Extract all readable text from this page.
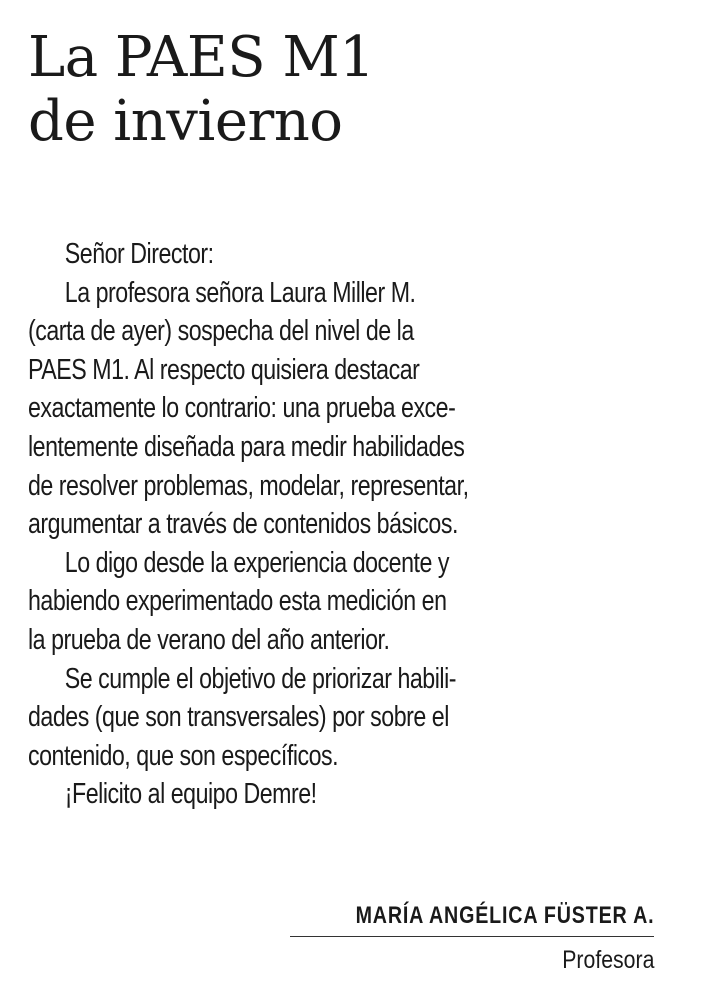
La PAES M1
de invierno
Señor Director:
La profesora señora Laura Miller M.
(carta de ayer) sospecha del nivel de la
PAES M1. Al respecto quisiera destacar
exactamente lo contrario: una prueba exce-
lentemente diseñada para medir habilidades
de resolver problemas, modelar, representar,
argumentar a través de contenidos básicos.
Lo digo desde la experiencia docente y
habiendo experimentado esta medición en
la prueba de verano del año anterior.
Se cumple el objetivo de priorizar habili-
dades (que son transversales) por sobre el
contenido, que son específicos.
¡Felicito al equipo Demre!
MARÍA ANGÉLICA FÜSTER A.
Profesora
